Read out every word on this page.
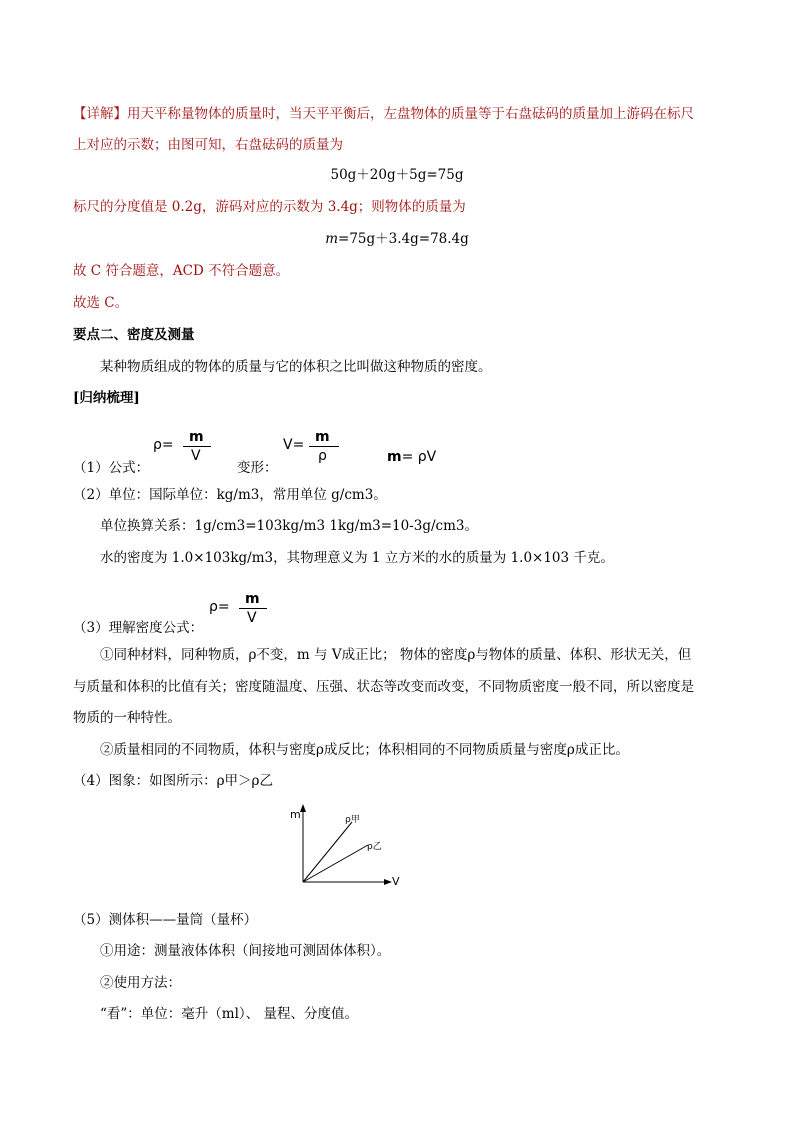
【详解】用天平称量物体的质量时，当天平平衡后，左盘物体的质量等于右盘砝码的质量加上游码在标尺
上对应的示数；由图可知，右盘砝码的质量为
50g＋20g＋5g=75g
标尺的分度值是 0.2g，游码对应的示数为 3.4g；则物体的质量为
m=75g＋3.4g=78.4g
故 C 符合题意，ACD 不符合题意。
故选 C。
要点二、密度及测量
某种物质组成的物体的质量与它的体积之比叫做这种物质的密度。
[归纳梳理]
ρ= m
V
V= m
ρ
（1）公式：	变形：
m= ρV
（2）单位：国际单位：kg/m3，常用单位 g/cm3。
单位换算关系：1g/cm3=103kg/m3 1kg/m3=10-3g/cm3。
水的密度为 1.0×103kg/m3，其物理意义为 1 立方米的水的质量为 1.0×103 千克。
ρ= m
V
（3）理解密度公式：
①同种材料，同种物质，ρ不变，m 与 V成正比； 物体的密度ρ与物体的质量、体积、形状无关，但
与质量和体积的比值有关；密度随温度、压强、状态等改变而改变，不同物质密度一般不同，所以密度是
物质的一种特性。
②质量相同的不同物质，体积与密度ρ成反比；体积相同的不同物质质量与密度ρ成正比。
（4）图象：如图所示：ρ甲＞ρ乙
m
V
ρ甲
ρ乙
（5）测体积——量筒（量杯）
①用途：测量液体体积（间接地可测固体体积）。
②使用方法：
“看”：单位：毫升（ml）、 量程、分度值。
